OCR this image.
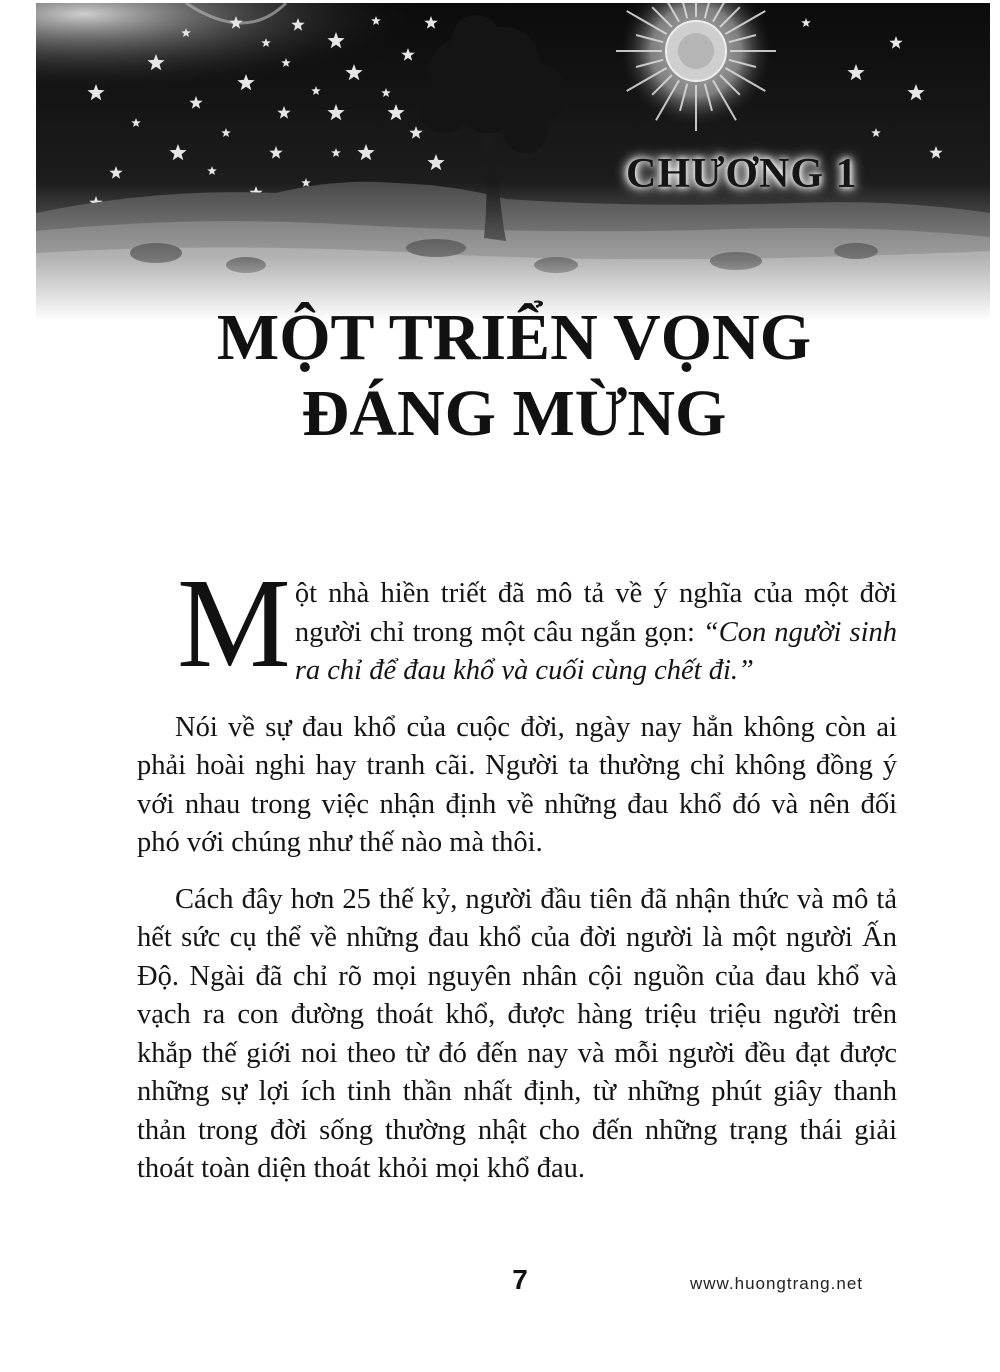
CHƯƠNG 1
MỘT TRIỂN VỌNG
ĐÁNG MỪNG

Một nhà hiền triết đã mô tả về ý nghĩa của một đời người chỉ trong một câu ngắn gọn: “Con người sinh ra chỉ để đau khổ và cuối cùng chết đi.”

Nói về sự đau khổ của cuộc đời, ngày nay hẳn không còn ai phải hoài nghi hay tranh cãi. Người ta thường chỉ không đồng ý với nhau trong việc nhận định về những đau khổ đó và nên đối phó với chúng như thế nào mà thôi.

Cách đây hơn 25 thế kỷ, người đầu tiên đã nhận thức và mô tả hết sức cụ thể về những đau khổ của đời người là một người Ấn Độ. Ngài đã chỉ rõ mọi nguyên nhân cội nguồn của đau khổ và vạch ra con đường thoát khổ, được hàng triệu triệu người trên khắp thế giới noi theo từ đó đến nay và mỗi người đều đạt được những sự lợi ích tinh thần nhất định, từ những phút giây thanh thản trong đời sống thường nhật cho đến những trạng thái giải thoát toàn diện thoát khỏi mọi khổ đau.

7	www.huongtrang.net
